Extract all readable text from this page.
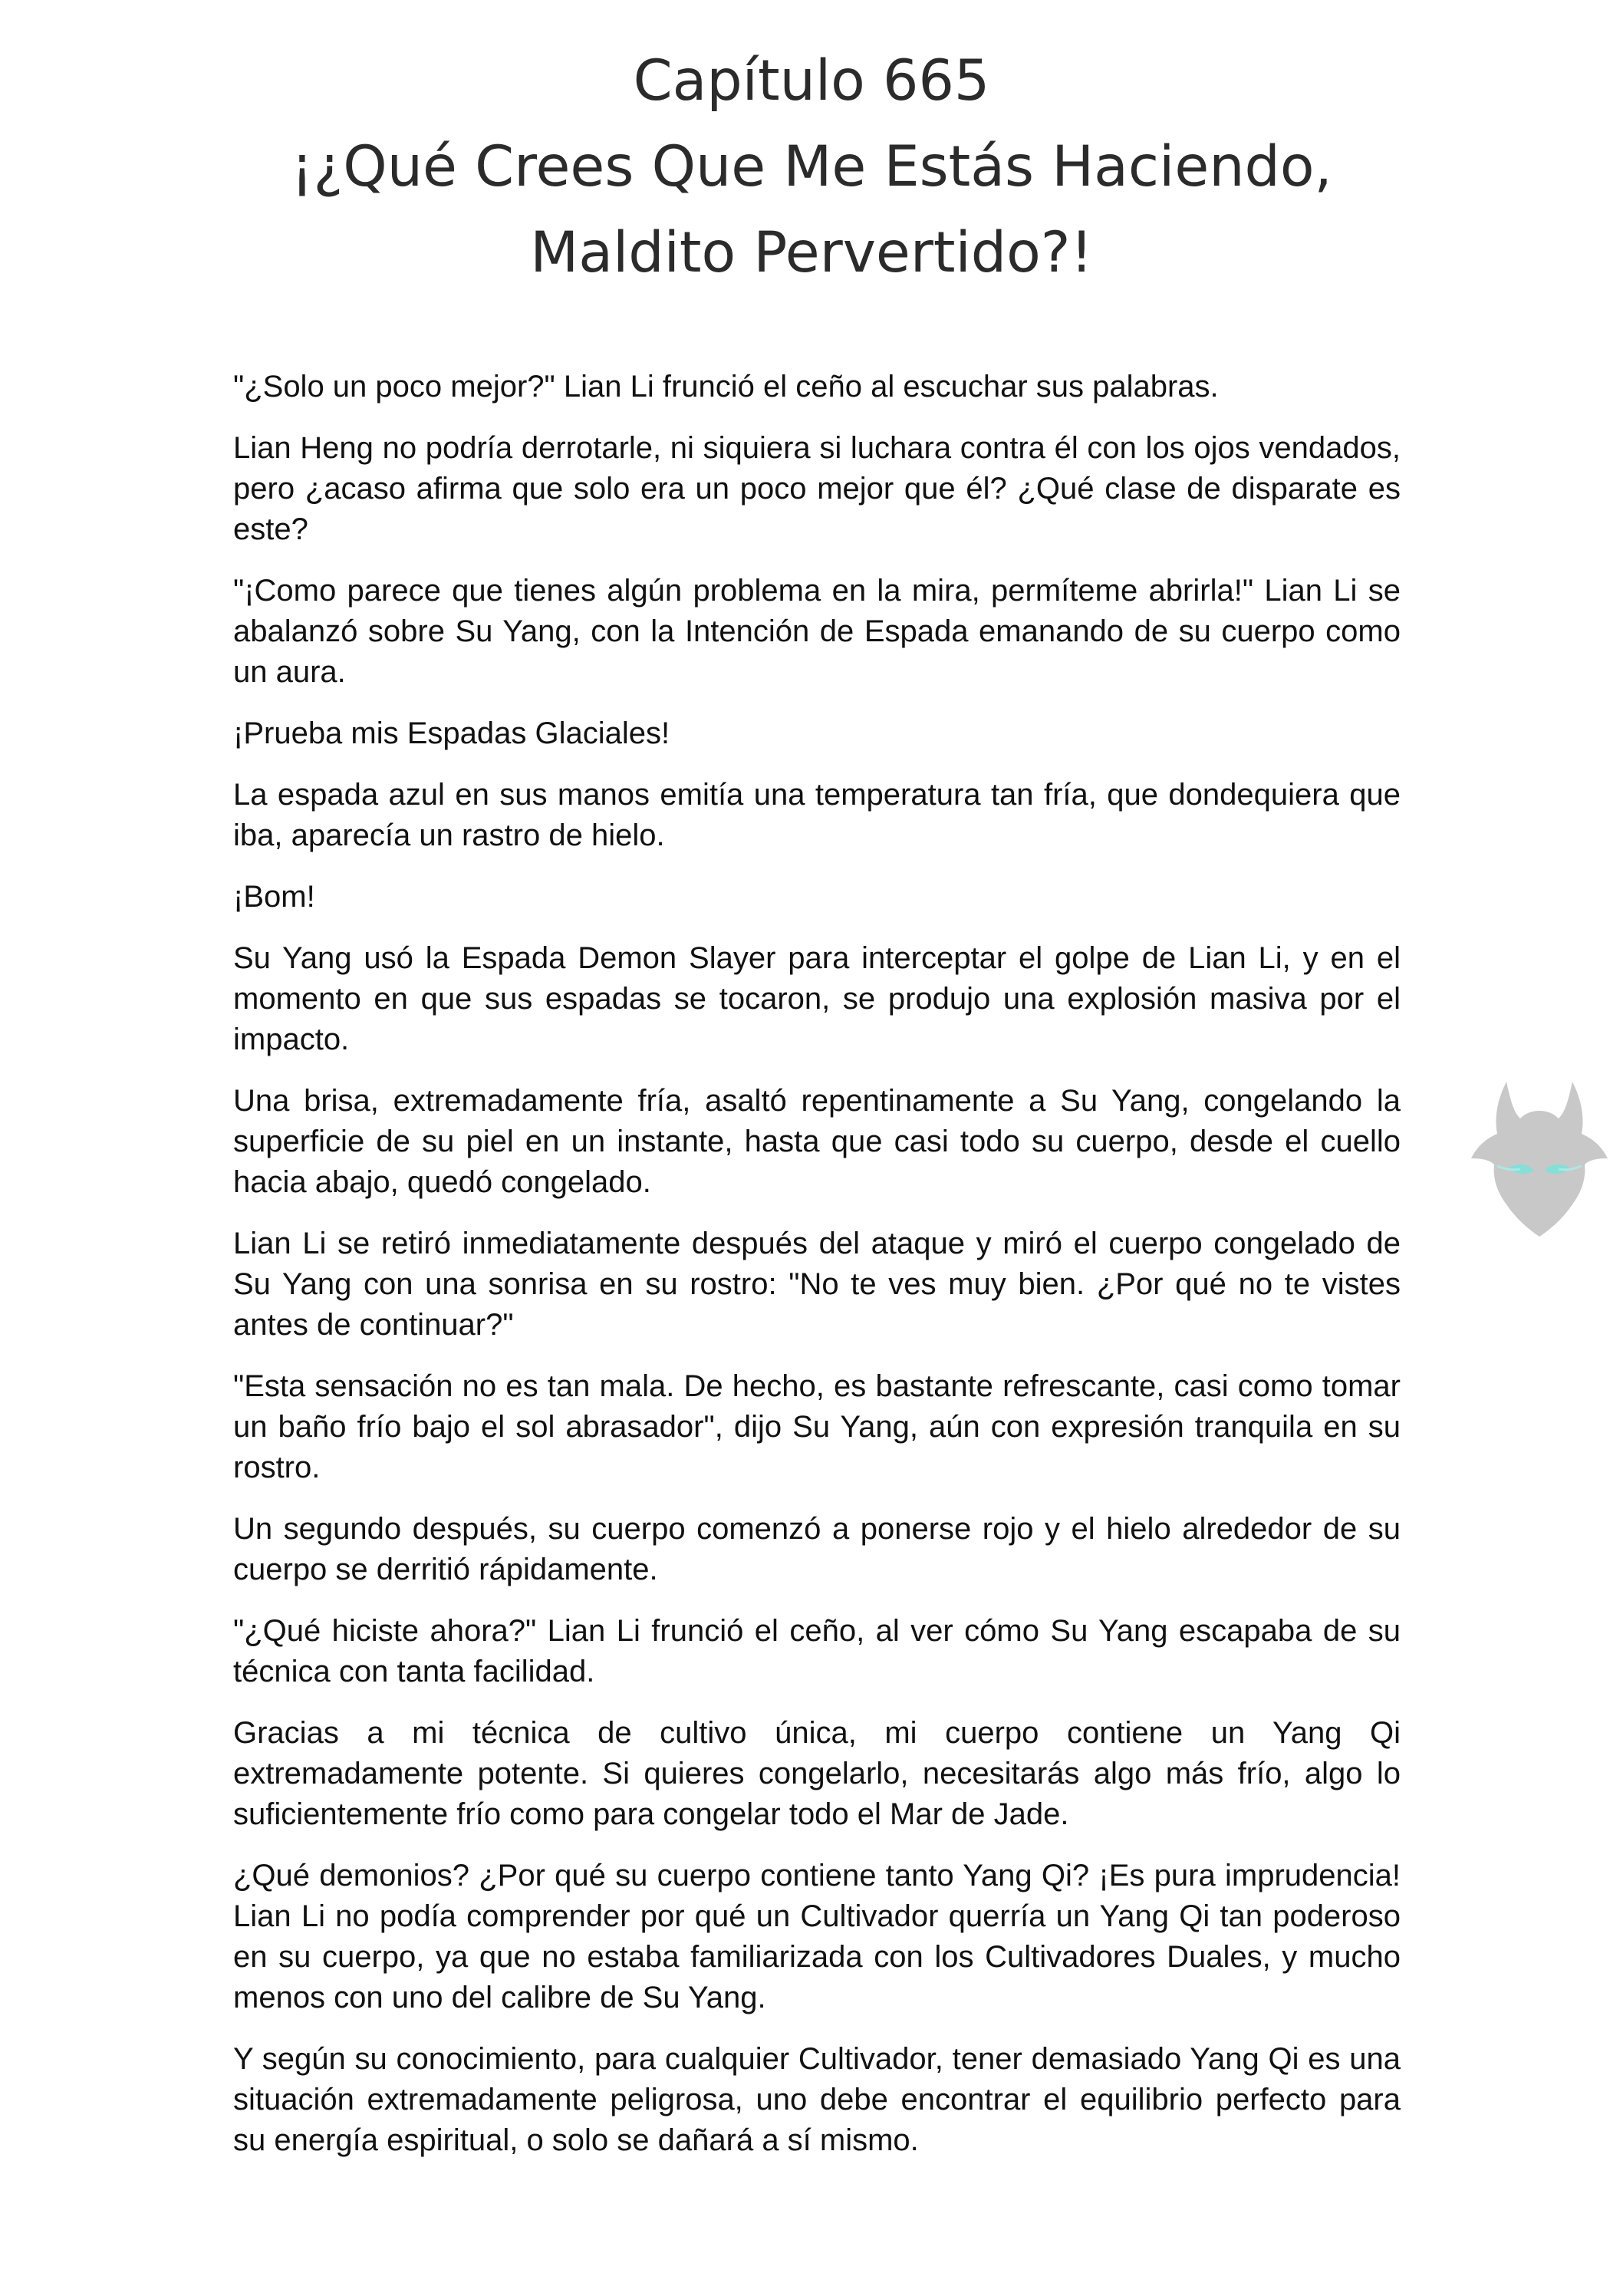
Capítulo 665
¡¿Qué Crees Que Me Estás Haciendo,
Maldito Pervertido?!

"¿Solo un poco mejor?" Lian Li frunció el ceño al escuchar sus palabras.

Lian Heng no podría derrotarle, ni siquiera si luchara contra él con los ojos vendados, pero ¿acaso afirma que solo era un poco mejor que él? ¿Qué clase de disparate es este?

"¡Como parece que tienes algún problema en la mira, permíteme abrirla!" Lian Li se abalanzó sobre Su Yang, con la Intención de Espada emanando de su cuerpo como un aura.

¡Prueba mis Espadas Glaciales!

La espada azul en sus manos emitía una temperatura tan fría, que dondequiera que iba, aparecía un rastro de hielo.

¡Bom!

Su Yang usó la Espada Demon Slayer para interceptar el golpe de Lian Li, y en el momento en que sus espadas se tocaron, se produjo una explosión masiva por el impacto.

Una brisa, extremadamente fría, asaltó repentinamente a Su Yang, congelando la superficie de su piel en un instante, hasta que casi todo su cuerpo, desde el cuello hacia abajo, quedó congelado.

Lian Li se retiró inmediatamente después del ataque y miró el cuerpo congelado de Su Yang con una sonrisa en su rostro: "No te ves muy bien. ¿Por qué no te vistes antes de continuar?"

"Esta sensación no es tan mala. De hecho, es bastante refrescante, casi como tomar un baño frío bajo el sol abrasador", dijo Su Yang, aún con expresión tranquila en su rostro.

Un segundo después, su cuerpo comenzó a ponerse rojo y el hielo alrededor de su cuerpo se derritió rápidamente.

"¿Qué hiciste ahora?" Lian Li frunció el ceño, al ver cómo Su Yang escapaba de su técnica con tanta facilidad.

Gracias a mi técnica de cultivo única, mi cuerpo contiene un Yang Qi extremadamente potente. Si quieres congelarlo, necesitarás algo más frío, algo lo suficientemente frío como para congelar todo el Mar de Jade.

¿Qué demonios? ¿Por qué su cuerpo contiene tanto Yang Qi? ¡Es pura imprudencia! Lian Li no podía comprender por qué un Cultivador querría un Yang Qi tan poderoso en su cuerpo, ya que no estaba familiarizada con los Cultivadores Duales, y mucho menos con uno del calibre de Su Yang.

Y según su conocimiento, para cualquier Cultivador, tener demasiado Yang Qi es una situación extremadamente peligrosa, uno debe encontrar el equilibrio perfecto para su energía espiritual, o solo se dañará a sí mismo.
